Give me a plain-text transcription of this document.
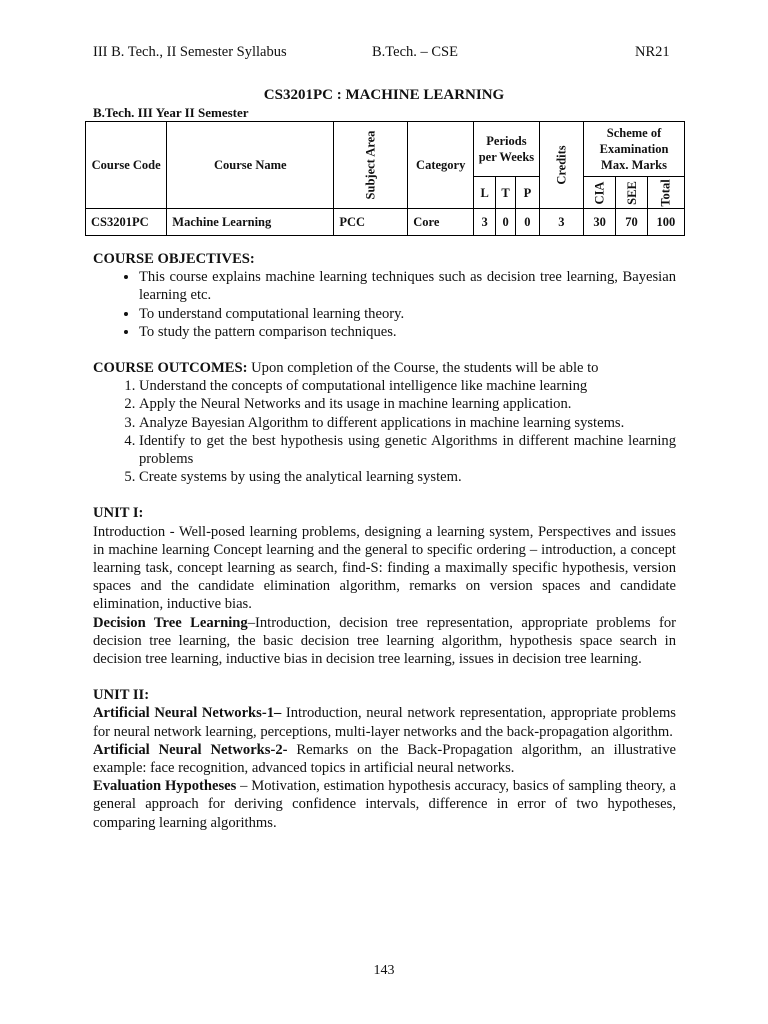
III B. Tech., II Semester Syllabus	B.Tech. – CSE	NR21
CS3201PC : MACHINE LEARNING
B.Tech. III Year II Semester
Course Code	Course Name	Subject Area	Category	Periods per Weeks			Credits	Scheme of Examination Max. Marks		
				L	T	P		CIA	SEE	Total
CS3201PC	Machine Learning	PCC	Core	3	0	0	3	30	70	100

COURSE OBJECTIVES:

• This course explains machine learning techniques such as decision tree learning, Bayesian learning etc.
• To understand computational learning theory.
• To study the pattern comparison techniques.

COURSE OUTCOMES: Upon completion of the Course, the students will be able to

1. Understand the concepts of computational intelligence like machine learning
2. Apply the Neural Networks and its usage in machine learning application.
3. Analyze Bayesian Algorithm to different applications in machine learning systems.
4. Identify to get the best hypothesis using genetic Algorithms in different machine learning problems
5. Create systems by using the analytical learning system.

UNIT I:

Introduction - Well-posed learning problems, designing a learning system, Perspectives and issues in machine learning Concept learning and the general to specific ordering – introduction, a concept learning task, concept learning as search, find-S: finding a maximally specific hypothesis, version spaces and the candidate elimination algorithm, remarks on version spaces and candidate elimination, inductive bias.

Decision Tree Learning–Introduction, decision tree representation, appropriate problems for decision tree learning, the basic decision tree learning algorithm, hypothesis space search in decision tree learning, inductive bias in decision tree learning, issues in decision tree learning.

UNIT II:

Artificial Neural Networks-1– Introduction, neural network representation, appropriate problems for neural network learning, perceptions, multi-layer networks and the back-propagation algorithm.

Artificial Neural Networks-2- Remarks on the Back-Propagation algorithm, an illustrative example: face recognition, advanced topics in artificial neural networks.

Evaluation Hypotheses – Motivation, estimation hypothesis accuracy, basics of sampling theory, a general approach for deriving confidence intervals, difference in error of two hypotheses, comparing learning algorithms.

143
